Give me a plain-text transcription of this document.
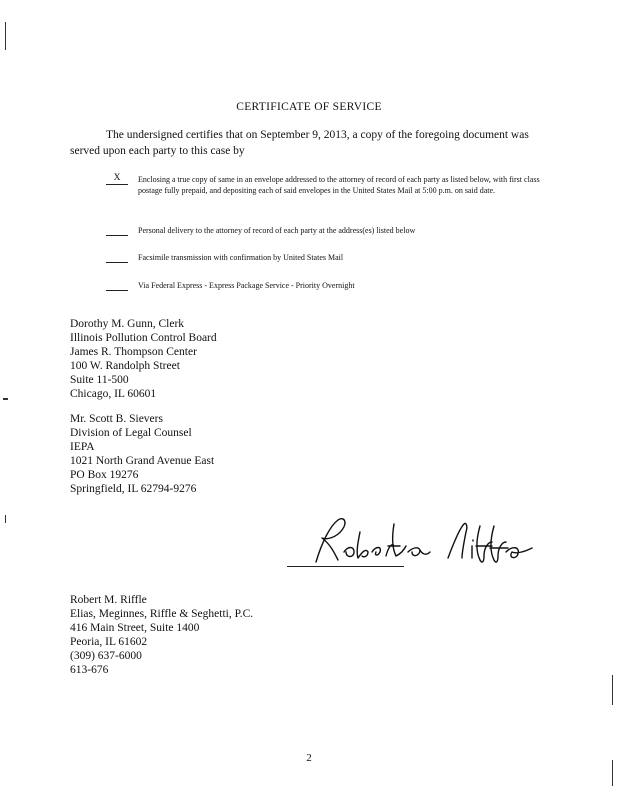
CERTIFICATE OF SERVICE
The undersigned certifies that on September 9, 2013, a copy of the foregoing document was served upon each party to this case by
X	Enclosing a true copy of same in an envelope addressed to the attorney of record of each party as listed below, with first class postage fully prepaid, and depositing each of said envelopes in the United States Mail at 5:00 p.m. on said date.
Personal delivery to the attorney of record of each party at the address(es) listed below
Facsimile transmission with confirmation by United States Mail
Via Federal Express - Express Package Service - Priority Overnight
Dorothy M. Gunn, Clerk
Illinois Pollution Control Board
James R. Thompson Center
100 W. Randolph Street
Suite 11-500
Chicago, IL 60601
Mr. Scott B. Sievers
Division of Legal Counsel
IEPA
1021 North Grand Avenue East
PO Box 19276
Springfield, IL 62794-9276
Robert M. Riffle
Elias, Meginnes, Riffle & Seghetti, P.C.
416 Main Street, Suite 1400
Peoria, IL 61602
(309) 637-6000
613-676
2
